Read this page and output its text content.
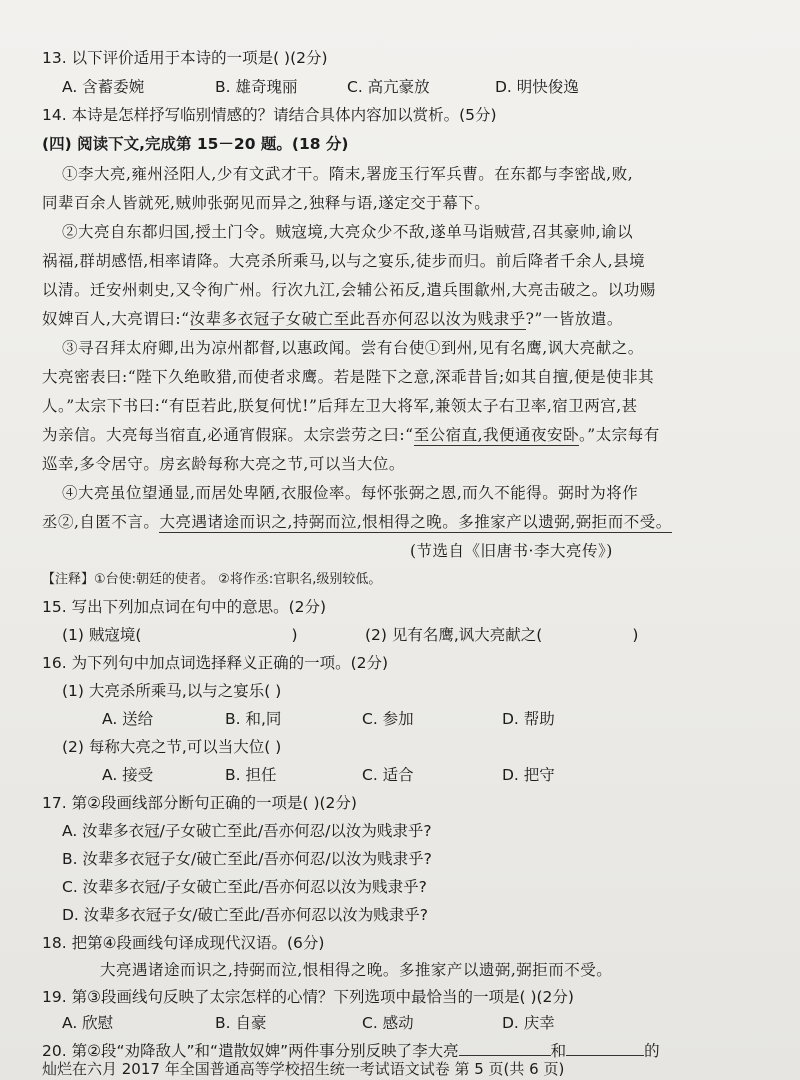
13. 以下评价适用于本诗的一项是( )(2分)
A. 含蓄委婉	B. 雄奇瑰丽	C. 高亢豪放	D. 明快俊逸
14. 本诗是怎样抒写临别情感的？请结合具体内容加以赏析。(5分)
(四) 阅读下文,完成第 15－20 题。(18 分)
①李大亮,雍州泾阳人,少有文武才干。隋末,署庞玉行军兵曹。在东都与李密战,败,
同辈百余人皆就死,贼帅张弼见而异之,独释与语,遂定交于幕下。
②大亮自东都归国,授土门令。贼寇境,大亮众少不敌,遂单马诣贼营,召其豪帅,谕以
祸福,群胡感悟,相率请降。大亮杀所乘马,以与之宴乐,徒步而归。前后降者千余人,县境
以清。迁安州刺史,又令徇广州。行次九江,会辅公祏反,遣兵围歙州,大亮击破之。以功赐
奴婢百人,大亮谓曰:“汝辈多衣冠子女破亡至此吾亦何忍以汝为贱隶乎?”一皆放遣。
③寻召拜太府卿,出为凉州都督,以惠政闻。尝有台使①到州,见有名鹰,讽大亮献之。
大亮密表曰:“陛下久绝畋猎,而使者求鹰。若是陛下之意,深乖昔旨;如其自擅,便是使非其
人。”太宗下书曰:“有臣若此,朕复何忧!”后拜左卫大将军,兼领太子右卫率,宿卫两宫,甚
为亲信。大亮每当宿直,必通宵假寐。太宗尝劳之曰:“至公宿直,我便通夜安卧。”太宗每有
巡幸,多令居守。房玄龄每称大亮之节,可以当大位。
④大亮虽位望通显,而居处卑陋,衣服俭率。每怀张弼之恩,而久不能得。弼时为将作
丞②,自匿不言。大亮遇诸途而识之,持弼而泣,恨相得之晚。多推家产以遗弼,弼拒而不受。
(节选自《旧唐书·李大亮传》)
【注释】①台使:朝廷的使者。 ②将作丞:官职名,级别较低。
15. 写出下列加点词在句中的意思。(2分)
(1) 贼寇境(	)	(2) 见有名鹰,讽大亮献之(	)
16. 为下列句中加点词选择释义正确的一项。(2分)
(1) 大亮杀所乘马,以与之宴乐( )
A. 送给	B. 和,同	C. 参加	D. 帮助
(2) 每称大亮之节,可以当大位( )
A. 接受	B. 担任	C. 适合	D. 把守
17. 第②段画线部分断句正确的一项是( )(2分)
A. 汝辈多衣冠/子女破亡至此/吾亦何忍/以汝为贱隶乎?
B. 汝辈多衣冠子女/破亡至此/吾亦何忍/以汝为贱隶乎?
C. 汝辈多衣冠/子女破亡至此/吾亦何忍以汝为贱隶乎?
D. 汝辈多衣冠子女/破亡至此/吾亦何忍以汝为贱隶乎?
18. 把第④段画线句译成现代汉语。(6分)
大亮遇诸途而识之,持弼而泣,恨相得之晚。多推家产以遗弼,弼拒而不受。
19. 第③段画线句反映了太宗怎样的心情？下列选项中最恰当的一项是( )(2分)
A. 欣慰	B. 自豪	C. 感动	D. 庆幸
20. 第②段“劝降敌人”和“遣散奴婢”两件事分别反映了李大亮	和	的
灿烂在六月 2017 年全国普通高等学校招生统一考试语文试卷 第 5 页(共 6 页)
